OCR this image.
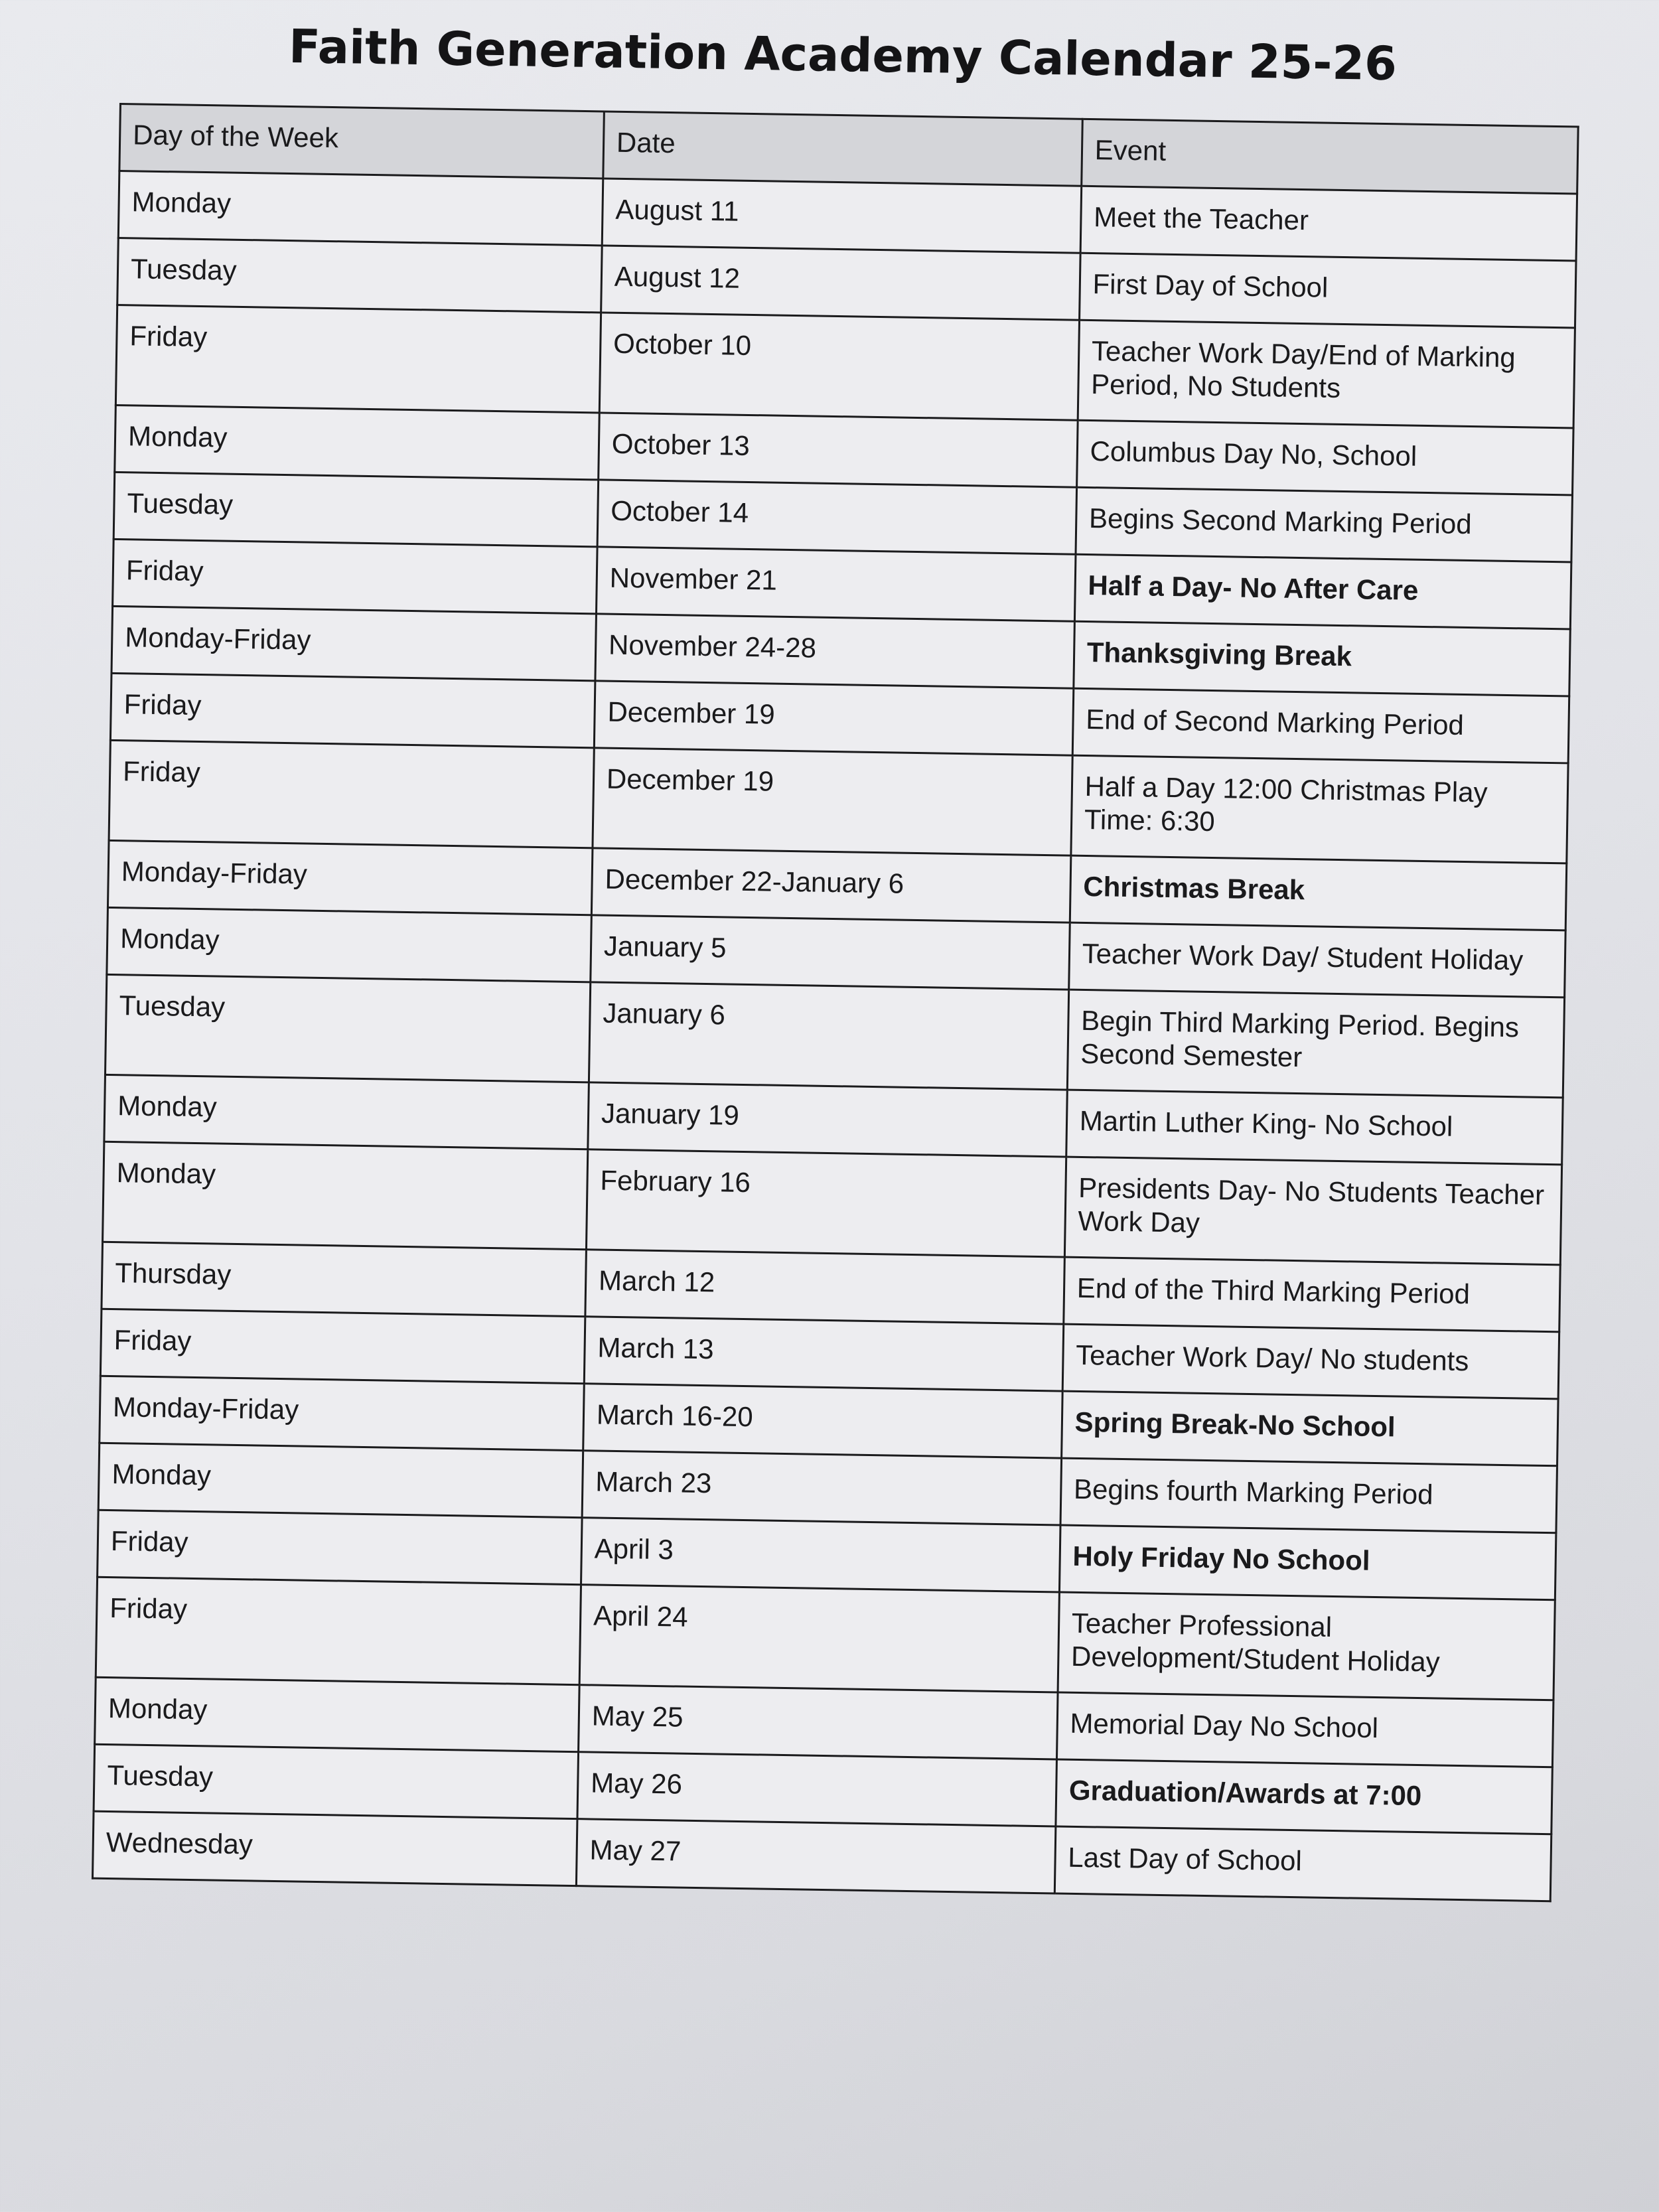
Faith Generation Academy Calendar 25-26
Day of the Week	Date	Event
Monday	August 11	Meet the Teacher
Tuesday	August 12	First Day of School
Friday	October 10	Teacher Work Day/End of Marking Period, No Students
Monday	October 13	Columbus Day No, School
Tuesday	October 14	Begins Second Marking Period
Friday	November 21	Half a Day- No After Care
Monday-Friday	November 24-28	Thanksgiving Break
Friday	December 19	End of Second Marking Period
Friday	December 19	Half a Day 12:00 Christmas Play Time: 6:30
Monday-Friday	December 22-January 6	Christmas Break
Monday	January 5	Teacher Work Day/ Student Holiday
Tuesday	January 6	Begin Third Marking Period. Begins Second Semester
Monday	January 19	Martin Luther King- No School
Monday	February 16	Presidents Day- No Students Teacher Work Day
Thursday	March 12	End of the Third Marking Period
Friday	March 13	Teacher Work Day/ No students
Monday-Friday	March 16-20	Spring Break-No School
Monday	March 23	Begins fourth Marking Period
Friday	April 3	Holy Friday No School
Friday	April 24	Teacher Professional Development/Student Holiday
Monday	May 25	Memorial Day No School
Tuesday	May 26	Graduation/Awards at 7:00
Wednesday	May 27	Last Day of School
